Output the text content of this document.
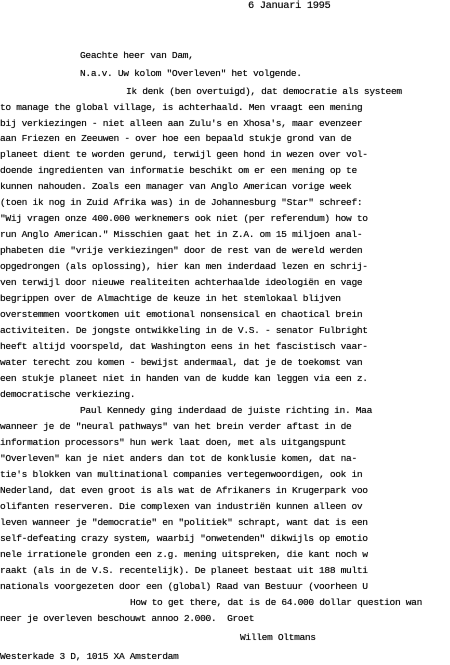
6 Januari 1995
Geachte heer van Dam,
N.a.v. Uw kolom "Overleven" het volgende.
Ik denk (ben overtuigd), dat democratie als systeem
to manage the global village, is achterhaald. Men vraagt een mening
bij verkiezingen - niet alleen aan Zulu's en Xhosa's, maar evenzeer
aan Friezen en Zeeuwen - over hoe een bepaald stukje grond van de
planeet dient te worden gerund, terwijl geen hond in wezen over vol-
doende ingredienten van informatie beschikt om er een mening op te
kunnen nahouden. Zoals een manager van Anglo American vorige week
(toen ik nog in Zuid Afrika was) in de Johannesburg "Star" schreef:
"Wij vragen onze 400.000 werknemers ook niet (per referendum) how to
run Anglo American." Misschien gaat het in Z.A. om 15 miljoen anal-
phabeten die "vrije verkiezingen" door de rest van de wereld werden
opgedrongen (als oplossing), hier kan men inderdaad lezen en schrij-
ven terwijl door nieuwe realiteiten achterhaalde ideologiën en vage
begrippen over de Almachtige de keuze in het stemlokaal blijven
overstemmen voortkomen uit emotional nonsensical en chaotical brein
activiteiten. De jongste ontwikkeling in de V.S. - senator Fulbright
heeft altijd voorspeld, dat Washington eens in het fascistisch vaar-
water terecht zou komen - bewijst andermaal, dat je de toekomst van
een stukje planeet niet in handen van de kudde kan leggen via een z.
democratische verkiezing.
Paul Kennedy ging inderdaad de juiste richting in. Maa
wanneer je de "neural pathways" van het brein verder aftast in de
information processors" hun werk laat doen, met als uitgangspunt
"Overleven" kan je niet anders dan tot de konklusie komen, dat na-
tie's blokken van multinational companies vertegenwoordigen, ook in
Nederland, dat even groot is als wat de Afrikaners in Krugerpark voo
olifanten reserveren. Die complexen van industriën kunnen alleen ov
leven wanneer je "democratie" en "politiek" schrapt, want dat is een
self-defeating crazy system, waarbij "onwetenden" dikwijls op emotio
nele irrationele gronden een z.g. mening uitspreken, die kant noch w
raakt (als in de V.S. recentelijk). De planeet bestaat uit 188 multi
nationals voorgezeten door een (global) Raad van Bestuur (voorheen U
How to get there, dat is de 64.000 dollar question wan
neer je overleven beschouwt annoo 2.000.  Groet
Willem Oltmans
Westerkade 3 D, 1015 XA Amsterdam
